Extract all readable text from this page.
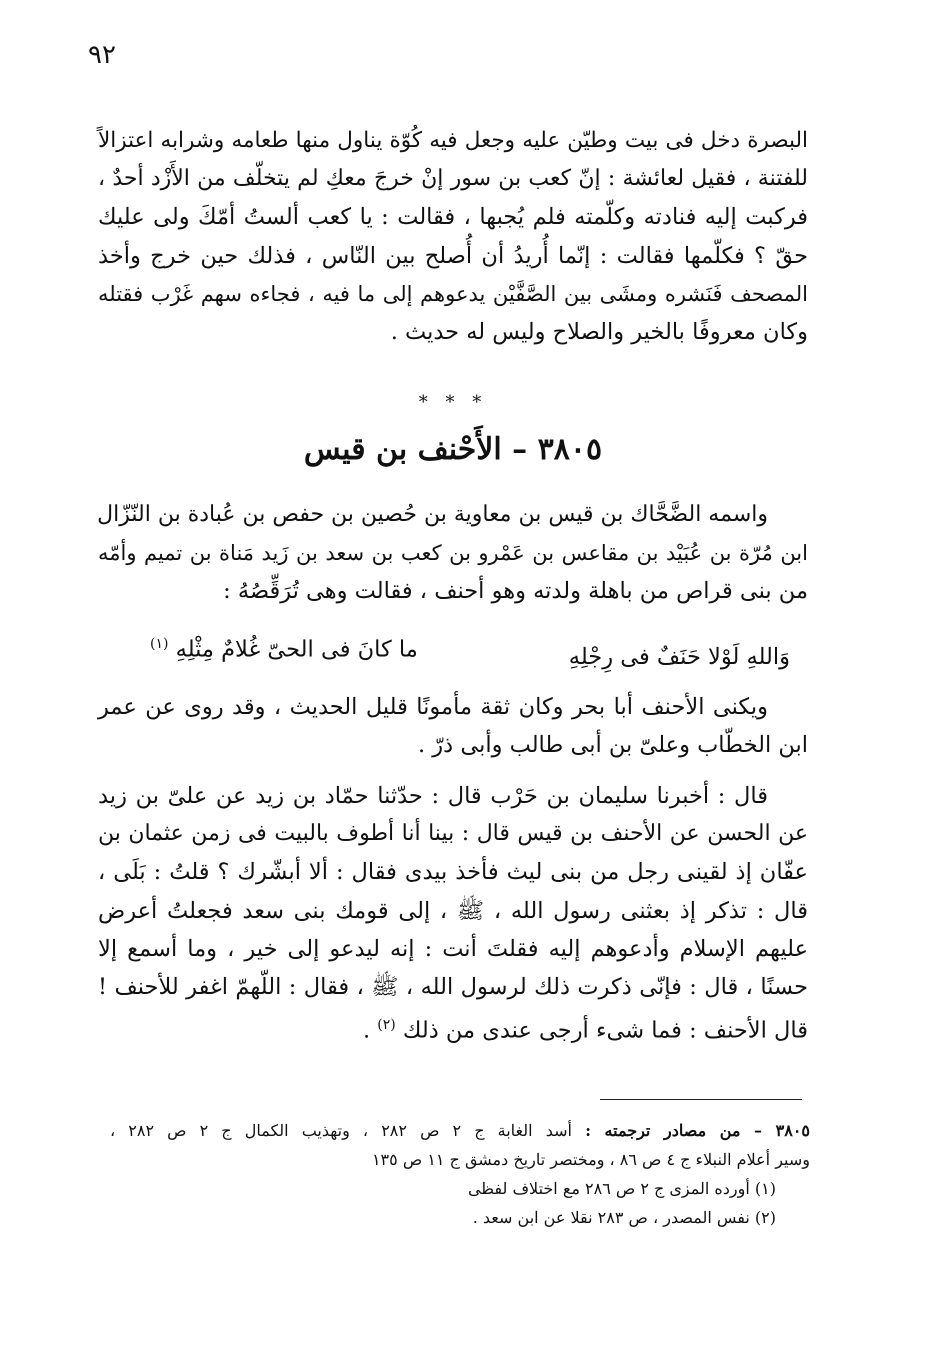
٩٢
البصرة دخل فى بيت وطيّن عليه وجعل فيه كُوّة يناول منها طعامه وشرابه اعتزالاً
للفتنة ، فقيل لعائشة : إنّ كعب بن سور إنْ خرجَ معكِ لم يتخلّف من الأَزْد أحدٌ ،
فركبت إليه فنادته وكلّمته فلم يُجبها ، فقالت : يا كعب ألستُ أمّكَ ولى عليك
حقّ ؟ فكلّمها فقالت : إنّما أُريدُ أن أُصلح بين النّاس ، فذلك حين خرج وأخذ
المصحف فَنَشره ومشَى بين الصَّفَّيْن يدعوهم إلى ما فيه ، فجاءه سهم غَرْب فقتله
وكان معروفًا بالخير والصلاح وليس له حديث .
* * *
٣٨٠٥ – الأَحْنف بن قيس
واسمه الضَّحَّاك بن قيس بن معاوية بن حُصين بن حفص بن عُبادة بن النّزّال
ابن مُرّة بن عُبَيْد بن مقاعس بن عَمْرو بن كعب بن سعد بن زَيد مَناة بن تميم وأمّه
من بنى قراص من باهلة ولدته وهو أحنف ، فقالت وهى تُرَقِّصُهُ :
وَاللهِ لَوْلا حَنَفٌ فى رِجْلِهِ
ما كانَ فى الحىّ غُلامٌ مِثْلِهِ $^{(١)}$
ويكنى الأحنف أبا بحر وكان ثقة مأمونًا قليل الحديث ، وقد روى عن عمر
ابن الخطّاب وعلىّ بن أبى طالب وأبى ذرّ .
قال : أخبرنا سليمان بن حَرْب قال : حدّثنا حمّاد بن زيد عن علىّ بن زيد
عن الحسن عن الأحنف بن قيس قال : بينا أنا أطوف بالبيت فى زمن عثمان بن
عفّان إذ لقينى رجل من بنى ليث فأخذ بيدى فقال : ألا أبشّرك ؟ قلتُ : بَلَى ،
قال : تذكر إذ بعثنى رسول الله ، ﷺ ، إلى قومك بنى سعد فجعلتُ أعرض
عليهم الإسلام وأدعوهم إليه فقلتَ أنت : إنه ليدعو إلى خير ، وما أسمع إلا
حسنًا ، قال : فإنّى ذكرت ذلك لرسول الله ، ﷺ ، فقال : اللّهمّ اغفر للأحنف !
قال الأحنف : فما شىء أرجى عندى من ذلك $^{(٢)}$ .
٣٨٠٥ – من مصادر ترجمته : أسد الغابة ج ٢ ص ٢٨٢ ، وتهذيب الكمال ج ٢ ص ٢٨٢ ،
وسير أعلام النبلاء ج ٤ ص ٨٦ ، ومختصر تاريخ دمشق ج ١١ ص ١٣٥
(١) أورده المزى ج ٢ ص ٢٨٦ مع اختلاف لفظى
(٢) نفس المصدر ، ص ٢٨٣ نقلا عن ابن سعد .
